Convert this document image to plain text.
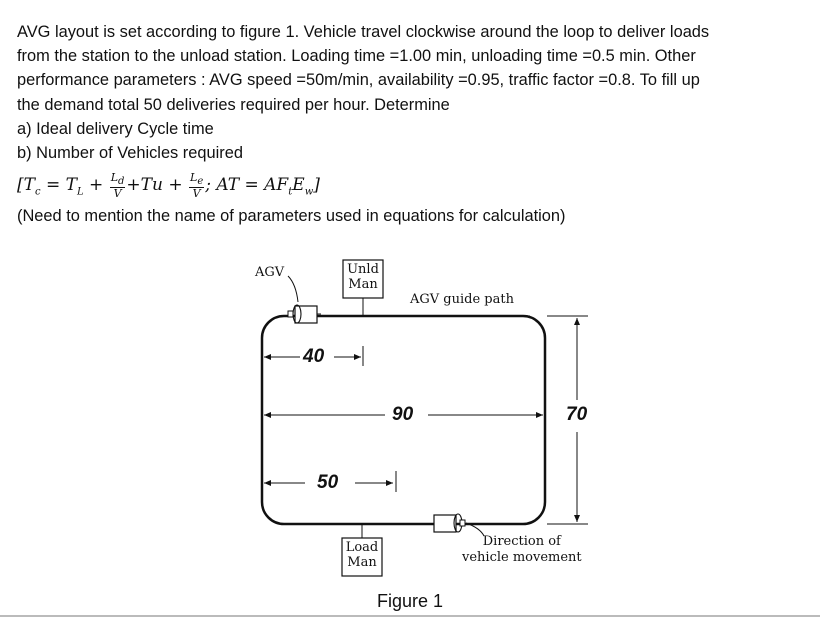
AVG layout is set according to figure 1. Vehicle travel clockwise around the loop to deliver loads
from the station to the unload station. Loading time =1.00 min, unloading time =0.5 min. Other
performance parameters : AVG speed =50m/min, availability =0.95, traffic factor =0.8. To fill up
the demand total 50 deliveries required per hour. Determine
a) Ideal delivery Cycle time
b) Number of Vehicles required
[$T_c = T_L + \frac{L_d}{V} +Tu + \frac{L_e}{V}$ ; AT = $AF_tE_w$]
(Need to mention the name of parameters used in equations for calculation)
AGV	Unld
Man
AGV guide path
40
90	70
50
Direction of
vehicle movement
Load
Man
Figure 1
